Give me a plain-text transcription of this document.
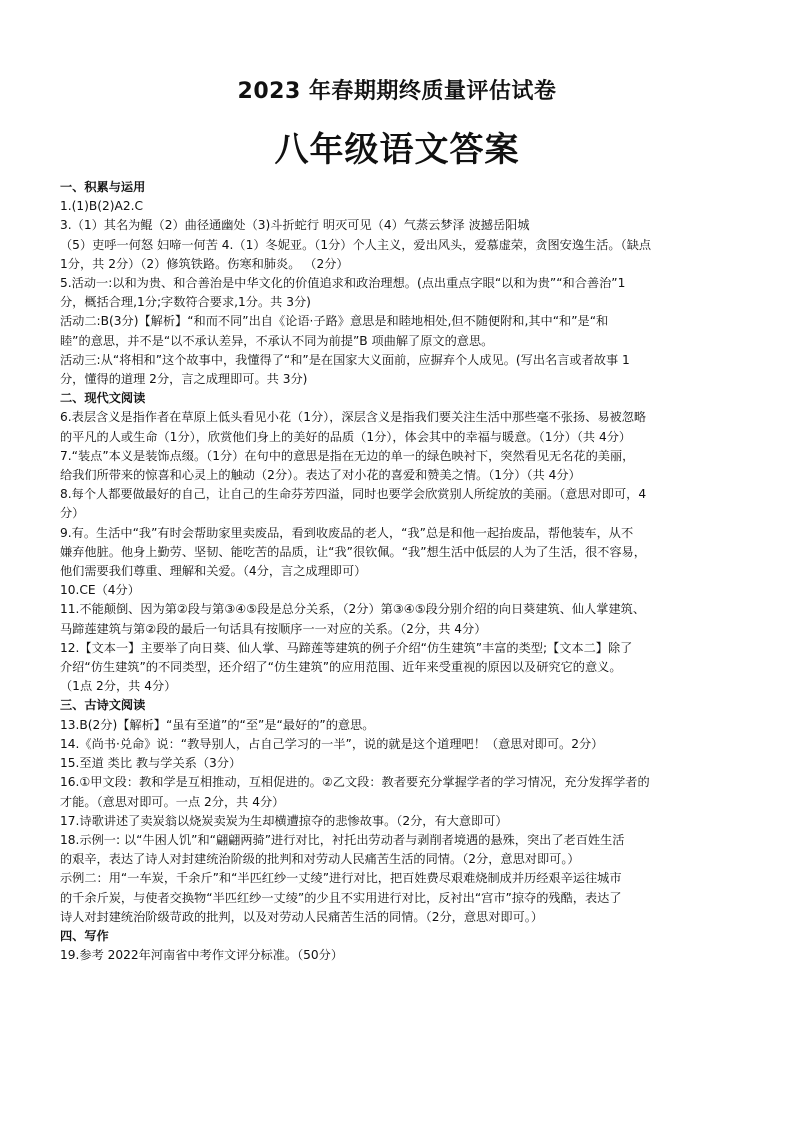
2023 年春期期终质量评估试卷
八年级语文答案
一、积累与运用
1.(1)B(2)A2.C
3.（1）其名为鲲（2）曲径通幽处（3)斗折蛇行 明灭可见（4）气蒸云梦泽 波撼岳阳城
（5）吏呼一何怒 妇啼一何苦 4.（1）冬妮亚。（1分）个人主义，爱出风头，爱慕虚荣，贪图安逸生活。（缺点
1分，共 2分）（2）修筑铁路。伤寒和肺炎。 （2分）
5.活动一:以和为贵、和合善治是中华文化的价值追求和政治理想。(点出重点字眼“以和为贵”“和合善治”1
分，概括合理,1分;字数符合要求,1分。共 3分)
活动二:B(3分)【解析】“和而不同”出自《论语·子路》意思是和睦地相处,但不随便附和,其中“和”是“和
睦”的意思，并不是“以不承认差异，不承认不同为前提”B 项曲解了原文的意思。
活动三:从“将相和”这个故事中，我懂得了“和”是在国家大义面前，应摒弃个人成见。(写出名言或者故事 1
分，懂得的道理 2分，言之成理即可。共 3分)
二、现代文阅读
6.表层含义是指作者在草原上低头看见小花（1分），深层含义是指我们要关注生活中那些毫不张扬、易被忽略
的平凡的人或生命（1分），欣赏他们身上的美好的品质（1分），体会其中的幸福与暖意。（1分）（共 4分）
7.“装点”本义是装饰点缀。（1分）在句中的意思是指在无边的单一的绿色映衬下，突然看见无名花的美丽，
给我们所带来的惊喜和心灵上的触动（2分）。表达了对小花的喜爱和赞美之情。（1分）（共 4分）
8.每个人都要做最好的自己，让自己的生命芬芳四溢，同时也要学会欣赏别人所绽放的美丽。（意思对即可，4
分）
9.有。生活中“我”有时会帮助家里卖废品，看到收废品的老人，“我”总是和他一起抬废品，帮他装车，从不
嫌弃他脏。他身上勤劳、坚韧、能吃苦的品质，让“我”很钦佩。“我”想生活中低层的人为了生活，很不容易，
他们需要我们尊重、理解和关爱。（4分，言之成理即可）
10.CE（4分）
11.不能颠倒、因为第②段与第③④⑤段是总分关系，（2分）第③④⑤段分别介绍的向日葵建筑、仙人掌建筑、
马蹄莲建筑与第②段的最后一句话具有按顺序一一对应的关系。（2分，共 4分）
12.【文本一】主要举了向日葵、仙人掌、马蹄莲等建筑的例子介绍“仿生建筑”丰富的类型;【文本二】除了
介绍“仿生建筑”的不同类型，还介绍了“仿生建筑”的应用范围、近年来受重视的原因以及研究它的意义。
（1点 2分，共 4分）
三、古诗文阅读
13.B(2分)【解析】“虽有至道”的“至”是“最好的”的意思。
14.《尚书·兑命》说：“教导别人，占自己学习的一半”，说的就是这个道理吧！（意思对即可。2分）
15.至道 类比 教与学关系（3分）
16.①甲文段：教和学是互相推动，互相促进的。②乙文段：教者要充分掌握学者的学习情况，充分发挥学者的
才能。（意思对即可。一点 2分，共 4分）
17.诗歌讲述了卖炭翁以烧炭卖炭为生却横遭掠夺的悲惨故事。（2分，有大意即可）
18.示例一: 以“牛困人饥”和“翩翩两骑”进行对比，衬托出劳动者与剥削者境遇的悬殊，突出了老百姓生活
的艰辛，表达了诗人对封建统治阶级的批判和对劳动人民痛苦生活的同情。（2分，意思对即可。）
示例二：用“一车炭，千余斤”和“半匹红纱一丈绫”进行对比，把百姓费尽艰难烧制成并历经艰辛运往城市
的千余斤炭，与使者交换物“半匹红纱一丈绫”的少且不实用进行对比，反衬出“宫市”掠夺的残酷，表达了
诗人对封建统治阶级苛政的批判，以及对劳动人民痛苦生活的同情。（2分，意思对即可。）
四、写作
19.参考 2022年河南省中考作文评分标准。（50分）
